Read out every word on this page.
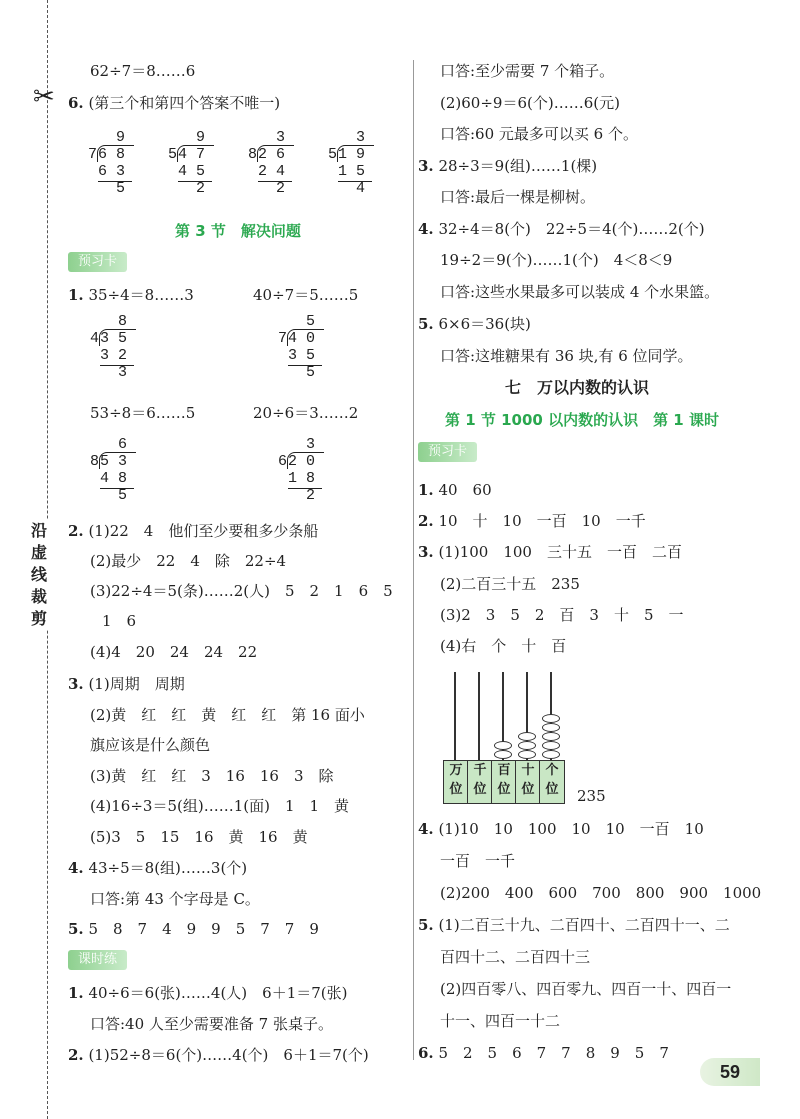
✂
沿虚线裁剪
62÷7＝8……6
6. (第三个和第四个答案不唯一)
9
7 6 8
6 3
5
9
5 4 7
4 5
2
3
8 2 6
2 4
2
3
5 1 9
1 5
4
第 3 节　解决问题
预习卡
1. 35÷4＝8……3	40÷7＝5……5
8
4 3 5
3 2
3
5
7 4 0
3 5
5
6
8 5 3
4 8
5
3
6 2 0
1 8
2
53÷8＝6……5	20÷6＝3……2
2. (1)22　4　他们至少要租多少条船
(2)最少　22　4　除　22÷4
(3)22÷4＝5(条)……2(人)　5　2　1　6　5
1　6
(4)4　20　24　24　22
3. (1)周期　周期
(2)黄　红　红　黄　红　红　第 16 面小
旗应该是什么颜色
(3)黄　红　红　3　16　16　3　除
(4)16÷3＝5(组)……1(面)　1　1　黄
(5)3　5　15　16　黄　16　黄
4. 43÷5＝8(组)……3(个)
口答:第 43 个字母是 C。
5. 5　8　7　4　9　9　5　7　7　9
课时练
1. 40÷6＝6(张)……4(人)　6＋1＝7(张)
口答:40 人至少需要准备 7 张桌子。
2. (1)52÷8＝6(个)……4(个)　6＋1＝7(个)
口答:至少需要 7 个箱子。
(2)60÷9＝6(个)……6(元)
口答:60 元最多可以买 6 个。
3. 28÷3＝9(组)……1(棵)
口答:最后一棵是柳树。
4. 32÷4＝8(个)　22÷5＝4(个)……2(个)
19÷2＝9(个)……1(个)　4＜8＜9
口答:这些水果最多可以装成 4 个水果篮。
5. 6×6＝36(块)
口答:这堆糖果有 36 块,有 6 位同学。
七　万以内数的认识
第 1 节 1000 以内数的认识　第 1 课时
预习卡
1. 40　60
2. 10　十　10　一百　10　一千
3. (1)100　100　三十五　一百　二百
(2)二百三十五　235
(3)2　3　5　2　百　3　十　5　一
(4)右　个　十　百
万
位
千
位
百
位
十
位
个
位	235
4. (1)10　10　100　10　10　一百　10
一百　一千
(2)200　400　600　700　800　900　1000
5. (1)二百三十九、二百四十、二百四十一、二
百四十二、二百四十三
(2)四百零八、四百零九、四百一十、四百一
十一、四百一十二
6. 5　2　5　6　7　7　8　9　5　7
59
